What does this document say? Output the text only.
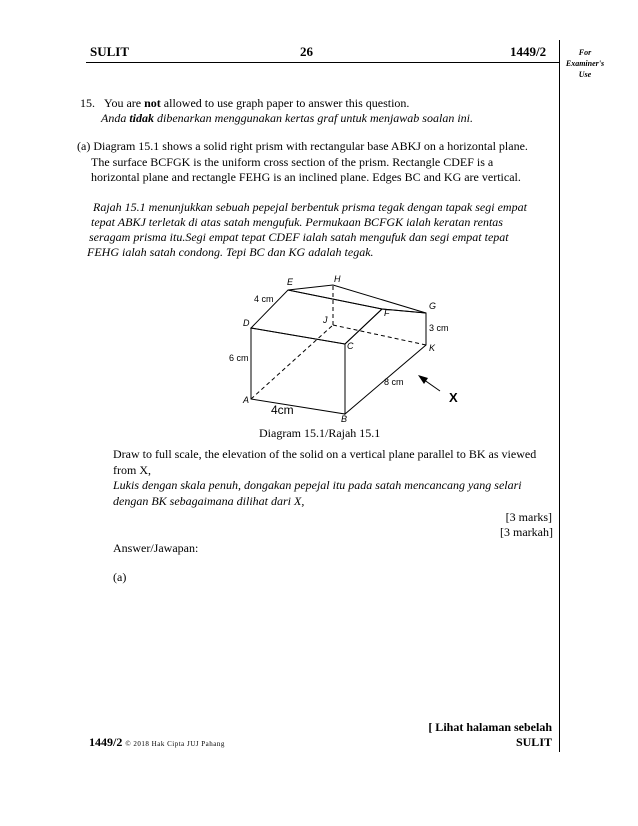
SULIT	26	1449/2	For
Examiner's
Use
15. You are not allowed to use graph paper to answer this question.
Anda tidak dibenarkan menggunakan kertas graf untuk menjawab soalan ini.
(a) Diagram 15.1 shows a solid right prism with rectangular base ABKJ on a horizontal plane.
The surface BCFGK is the uniform cross section of the prism. Rectangle CDEF is a
horizontal plane and rectangle FEHG is an inclined plane. Edges BC and KG are vertical.
Rajah 15.1 menunjukkan sebuah pepejal berbentuk prisma tegak dengan tapak segi empat
tepat ABKJ terletak di atas satah mengufuk. Permukaan BCFGK ialah keratan rentas
seragam prisma itu.Segi empat tepat CDEF ialah satah mengufuk dan segi empat tepat
FEHG ialah satah condong. Tepi BC dan KG adalah tegak.
A
B
C
D
E
F
G
H
J
K
4 cm
6 cm
3 cm
8 cm
4cm
X
Diagram 15.1/Rajah 15.1
Draw to full scale, the elevation of the solid on a vertical plane parallel to BK as viewed
from X,
Lukis dengan skala penuh, dongakan pepejal itu pada satah mencancang yang selari
dengan BK sebagaimana dilihat dari X,
[3 marks]
[3 markah]
Answer/Jawapan:
(a)
[ Lihat halaman sebelah
1449/2 © 2018 Hak Cipta JUJ Pahang	SULIT
